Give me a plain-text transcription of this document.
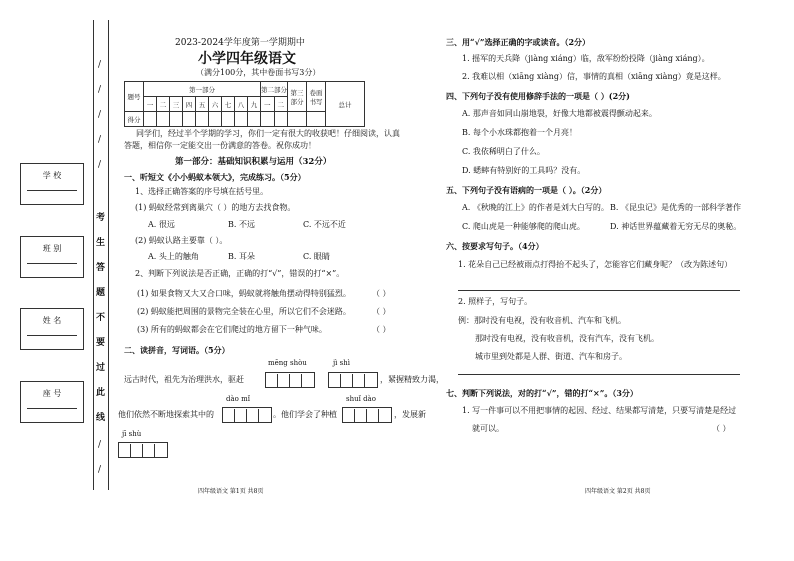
/
/
/
/
/
考
生
答
题
不
要
过
此
线
/
/
学 校
班 别
姓 名
座 号
2023-2024学年度第一学期期中
小学四年级语文
（满分100分，其中卷面书写3分）
题号	第一部分									第二部分		第三部分	卷面书写	总计
	一	二	三	四	五	六	七	八	九	一	二			
得分														
同学们，经过半个学期的学习，你们一定有很大的收获吧！仔细阅读，认真答题，相信你一定能交出一份满意的答卷。祝你成功！
第一部分：基础知识积累与运用（32分）
一、听短文《小小蚂蚁本领大》，完成练习。（5分）
1、选择正确答案的序号填在括号里。
(1) 蚂蚁经常到离巢穴（ ）的地方去找食物。
A. 很远	B. 不远	C. 不远不近
(2) 蚂蚁认路主要靠（ ）。
A. 头上的触角	B. 耳朵	C. 眼睛
2、判断下列说法是否正确，正确的打“√”，错误的打“×”。
(1) 如果食物又大又合口味，蚂蚁就将触角摆动得特别猛烈。	（ ）
(2) 蚂蚁能把周围的景物完全装在心里，所以它们不会迷路。	（ ）
(3) 所有的蚂蚁都会在它们爬过的地方留下一种气味。	（ ）
二、读拼音，写词语。（5分）
mēng shòu	jì shì
远古时代，祖先为治理洪水，驱赶	，紧握精致力渴，
dào mǐ	shuǐ dào
他们依然不断地探索其中的	。他们学会了种植	，发展新
jī shù
四年级语文 第1页 共8页
三、用“√”选择正确的字或读音。（2分）
1. 摇军的天兵降（jiàng xiáng）临，敌军纷纷投降（jiàng xiáng）。
2. 我难以相（xiāng xiàng）信，事情的真相（xiāng xiàng）竟是这样。
四、下列句子没有使用修辞手法的一项是（ ）(2分)
A. 那声音如同山崩地裂，好像大地都被震得颤动起来。
B. 每个小水珠都抱着一个月亮！
C. 我依稀明白了什么。
D. 蟋蟀有特别好的工具吗？没有。
五、下列句子没有语病的一项是（ ）。（2分）
A. 《秋晚的江上》的作者是刘大白写的。 B. 《昆虫记》是优秀的一部科学著作
C. 爬山虎是一种能够爬的爬山虎。	D. 神话世界蕴藏着无穷无尽的奥秘。
六、按要求写句子。（4分）
1. 花朵自己已经被雨点打得抬不起头了，怎能容它们藏身呢？（改为陈述句）
2. 照样子，写句子。
例：那时没有电视，没有收音机、汽车和飞机。
那时没有电视，没有收音机，没有汽车，没有飞机。
城市里到处都是人群、街道、汽车和房子。
七、判断下列说法，对的打“√”，错的打“×”。（3分）
1. 写一件事可以不用把事情的起因、经过、结果都写清楚，只要写清楚是经过
就可以。	（ ）
四年级语文 第2页 共8页
